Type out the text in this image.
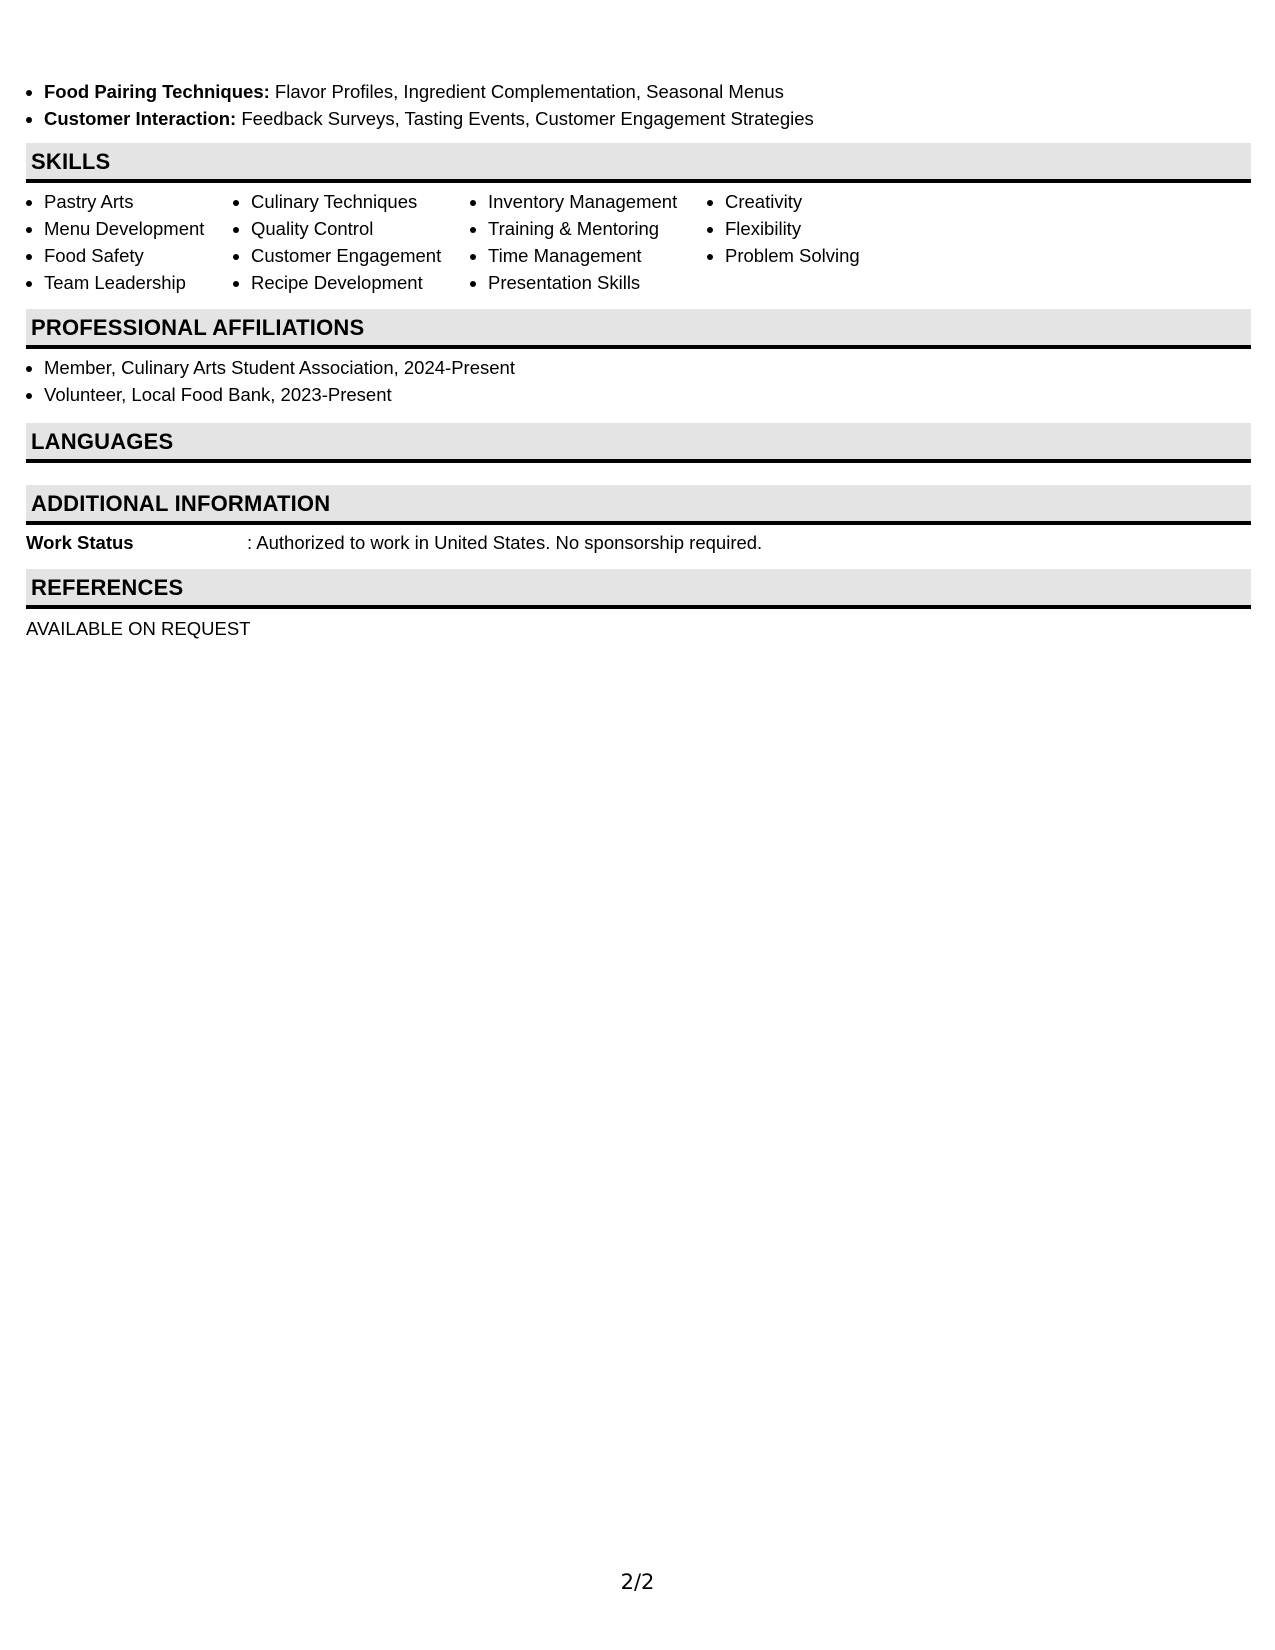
• Food Pairing Techniques: Flavor Profiles, Ingredient Complementation, Seasonal Menus
• Customer Interaction: Feedback Surveys, Tasting Events, Customer Engagement Strategies
SKILLS
• Pastry Arts
• Menu Development
• Food Safety
• Team Leadership
• Culinary Techniques
• Quality Control
• Customer Engagement
• Recipe Development
• Inventory Management
• Training & Mentoring
• Time Management
• Presentation Skills
• Creativity
• Flexibility
• Problem Solving
PROFESSIONAL AFFILIATIONS
• Member, Culinary Arts Student Association, 2024-Present
• Volunteer, Local Food Bank, 2023-Present
LANGUAGES
ADDITIONAL INFORMATION
Work Status	: Authorized to work in United States. No sponsorship required.
REFERENCES
AVAILABLE ON REQUEST
2/2
